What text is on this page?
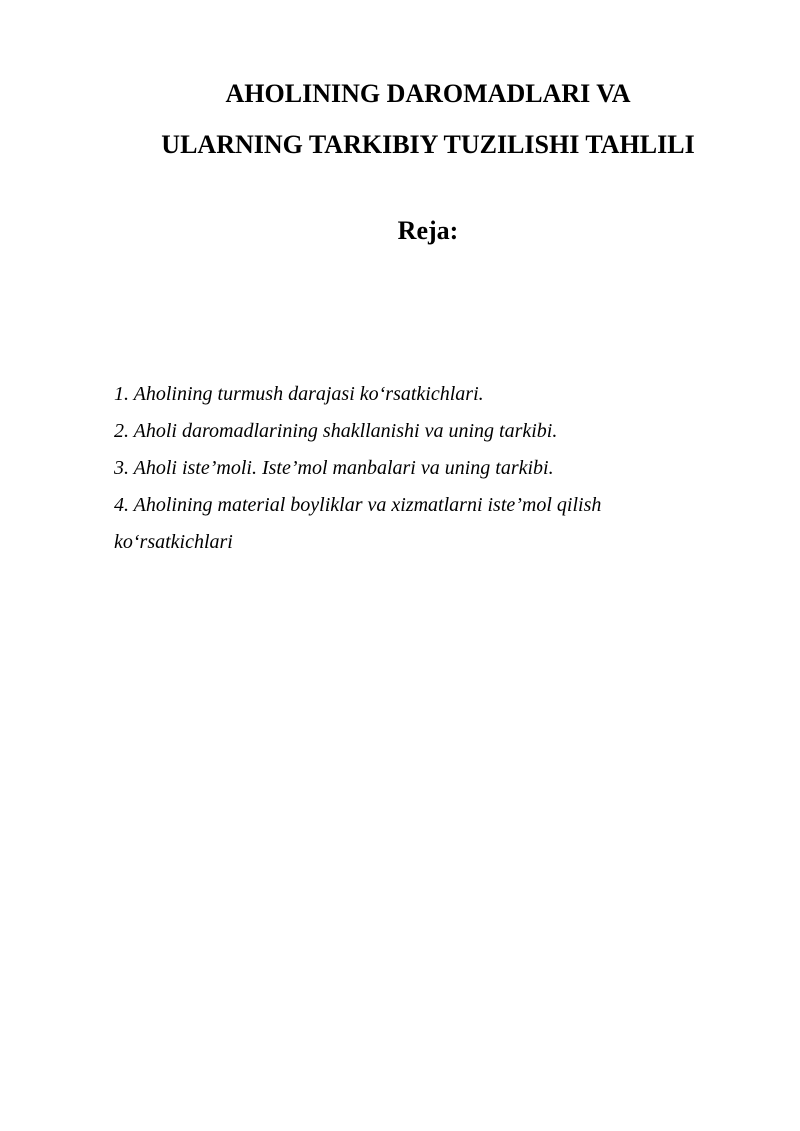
AHOLINING DAROMADLARI VA
ULARNING TARKIBIY TUZILISHI TAHLILI
Reja:
1. Aholining turmush darajasi ko‘rsatkichlari.
2. Aholi daromadlarining shakllanishi va uning tarkibi.
3. Aholi iste’moli. Iste’mol manbalari va uning tarkibi.
4. Aholining material boyliklar va xizmatlarni iste’mol qilish
ko‘rsatkichlari
